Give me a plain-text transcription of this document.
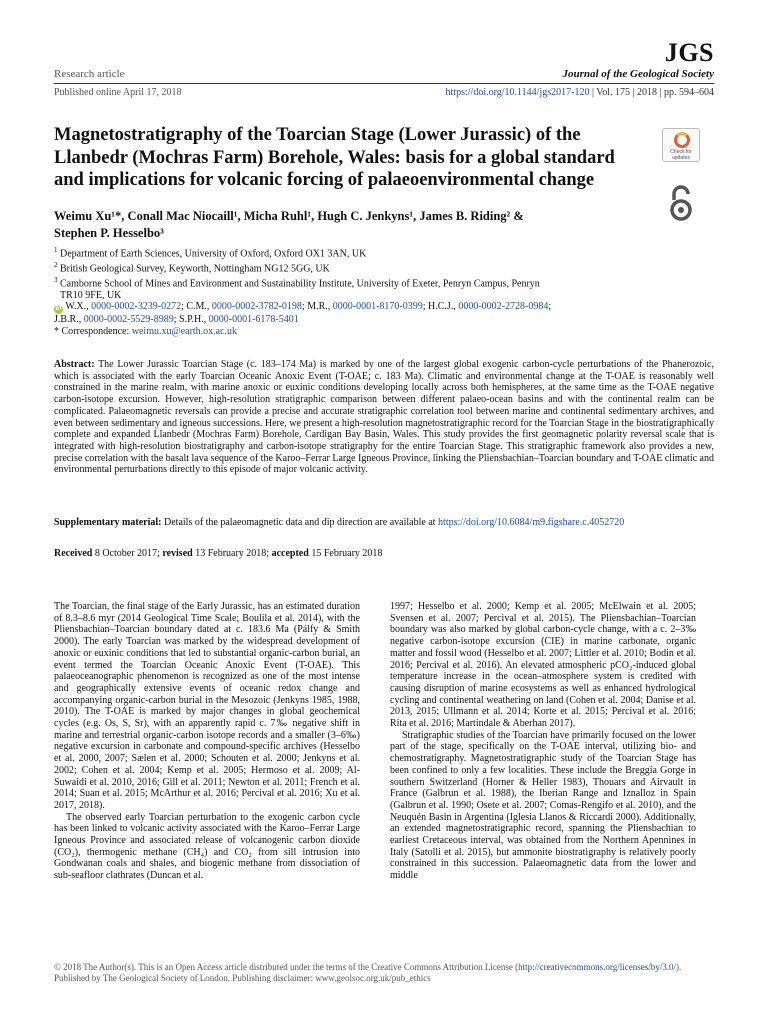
JGS
Research article	Journal of the Geological Society
Published online April 17, 2018	https://doi.org/10.1144/jgs2017-120 | Vol. 175 | 2018 | pp. 594–604
Magnetostratigraphy of the Toarcian Stage (Lower Jurassic) of the Llanbedr (Mochras Farm) Borehole, Wales: basis for a global standard and implications for volcanic forcing of palaeoenvironmental change
Check for updates
Weimu Xu¹*, Conall Mac Niocaill¹, Micha Ruhl¹, Hugh C. Jenkyns¹, James B. Riding² &
Stephen P. Hesselbo³
$^1$ Department of Earth Sciences, University of Oxford, Oxford OX1 3AN, UK
$^2$ British Geological Survey, Keyworth, Nottingham NG12 5GG, UK
$^3$ Camborne School of Mines and Environment and Sustainability Institute, University of Exeter, Penryn Campus, Penryn
TR10 9FE, UK
iD W.X., 0000-0002-3239-0272; C.M., 0000-0002-3782-0198; M.R., 0000-0001-8170-0399; H.C.J., 0000-0002-2728-0984;
J.B.R., 0000-0002-5529-8989; S.P.H., 0000-0001-6178-5401
* Correspondence: weimu.xu@earth.ox.ac.uk
Abstract: The Lower Jurassic Toarcian Stage (c. 183–174 Ma) is marked by one of the largest global exogenic carbon-cycle perturbations of the Phanerozoic, which is associated with the early Toarcian Oceanic Anoxic Event (T-OAE; c. 183 Ma). Climatic and environmental change at the T-OAE is reasonably well constrained in the marine realm, with marine anoxic or euxinic conditions developing locally across both hemispheres, at the same time as the T-OAE negative carbon-isotope excursion. However, high-resolution stratigraphic comparison between different palaeo-ocean basins and with the continental realm can be complicated. Palaeomagnetic reversals can provide a precise and accurate stratigraphic correlation tool between marine and continental sedimentary archives, and even between sedimentary and igneous successions. Here, we present a high-resolution magnetostratigraphic record for the Toarcian Stage in the biostratigraphically complete and expanded Llanbedr (Mochras Farm) Borehole, Cardigan Bay Basin, Wales. This study provides the first geomagnetic polarity reversal scale that is integrated with high-resolution biostratigraphy and carbon-isotope stratigraphy for the entire Toarcian Stage. This stratigraphic framework also provides a new, precise correlation with the basalt lava sequence of the Karoo–Ferrar Large Igneous Province, linking the Pliensbachian–Toarcian boundary and T-OAE climatic and environmental perturbations directly to this episode of major volcanic activity.
Supplementary material: Details of the palaeomagnetic data and dip direction are available at https://doi.org/10.6084/m9.figshare.c.4052720
Received 8 October 2017; revised 13 February 2018; accepted 15 February 2018

The Toarcian, the final stage of the Early Jurassic, has an estimated duration of 8.3–8.6 myr (2014 Geological Time Scale; Boulila et al. 2014), with the Pliensbachian–Toarcian boundary dated at c. 183.6 Ma (Pálfy & Smith 2000). The early Toarcian was marked by the widespread development of anoxic or euxinic conditions that led to substantial organic-carbon burial, an event termed the Toarcian Oceanic Anoxic Event (T-OAE). This palaeoceanographic phenomenon is recognized as one of the most intense and geographically extensive events of oceanic redox change and accompanying organic-carbon burial in the Mesozoic (Jenkyns 1985, 1988, 2010). The T-OAE is marked by major changes in global geochemical cycles (e.g. Os, S, Sr), with an apparently rapid c. 7‰ negative shift in marine and terrestrial organic-carbon isotope records and a smaller (3–6‰) negative excursion in carbonate and compound-specific archives (Hesselbo et al. 2000, 2007; Sælen et al. 2000; Schouten et al. 2000; Jenkyns et al. 2002; Cohen et al. 2004; Kemp et al. 2005; Hermoso et al. 2009; Al-Suwaidi et al. 2010, 2016; Gill et al. 2011; Newton et al. 2011; French et al. 2014; Suan et al. 2015; McArthur et al. 2016; Percival et al. 2016; Xu et al. 2017, 2018).

The observed early Toarcian perturbation to the exogenic carbon cycle has been linked to volcanic activity associated with the Karoo–Ferrar Large Igneous Province and associated release of volcanogenic carbon dioxide (CO₂), thermogenic methane (CH₄) and CO₂ from sill intrusion into Gondwanan coals and shales, and biogenic methane from dissociation of sub-seafloor clathrates (Duncan et al.

1997; Hesselbo et al. 2000; Kemp et al. 2005; McElwain et al. 2005; Svensen et al. 2007; Percival et al. 2015). The Pliensbachian–Toarcian boundary was also marked by global carbon-cycle change, with a c. 2–3‰ negative carbon-isotope excursion (CIE) in marine carbonate, organic matter and fossil wood (Hesselbo et al. 2007; Littler et al. 2010; Bodin et al. 2016; Percival et al. 2016). An elevated atmospheric pCO₂-induced global temperature increase in the ocean–atmosphere system is credited with causing disruption of marine ecosystems as well as enhanced hydrological cycling and continental weathering on land (Cohen et al. 2004; Danise et al. 2013, 2015; Ullmann et al. 2014; Korte et al. 2015; Percival et al. 2016; Rita et al. 2016; Martindale & Aberhan 2017).

Stratigraphic studies of the Toarcian have primarily focused on the lower part of the stage, specifically on the T-OAE interval, utilizing bio- and chemostratigraphy. Magnetostratigraphic study of the Toarcian Stage has been confined to only a few localities. These include the Breggia Gorge in southern Switzerland (Horner & Heller 1983), Thouars and Airvault in France (Galbrun et al. 1988), the Iberian Range and Iznalloz in Spain (Galbrun et al. 1990; Osete et al. 2007; Comas-Rengifo et al. 2010), and the Neuquén Basin in Argentina (Iglesia Llanos & Riccardi 2000). Additionally, an extended magnetostratigraphic record, spanning the Pliensbachian to earliest Cretaceous interval, was obtained from the Northern Apennines in Italy (Satolli et al. 2015), but ammonite biostratigraphy is relatively poorly constrained in this succession. Palaeomagnetic data from the lower and middle

© 2018 The Author(s). This is an Open Access article distributed under the terms of the Creative Commons Attribution License (http://creativecommons.org/licenses/by/3.0/). Published by The Geological Society of London. Publishing disclaimer: www.geolsoc.org.uk/pub_ethics
